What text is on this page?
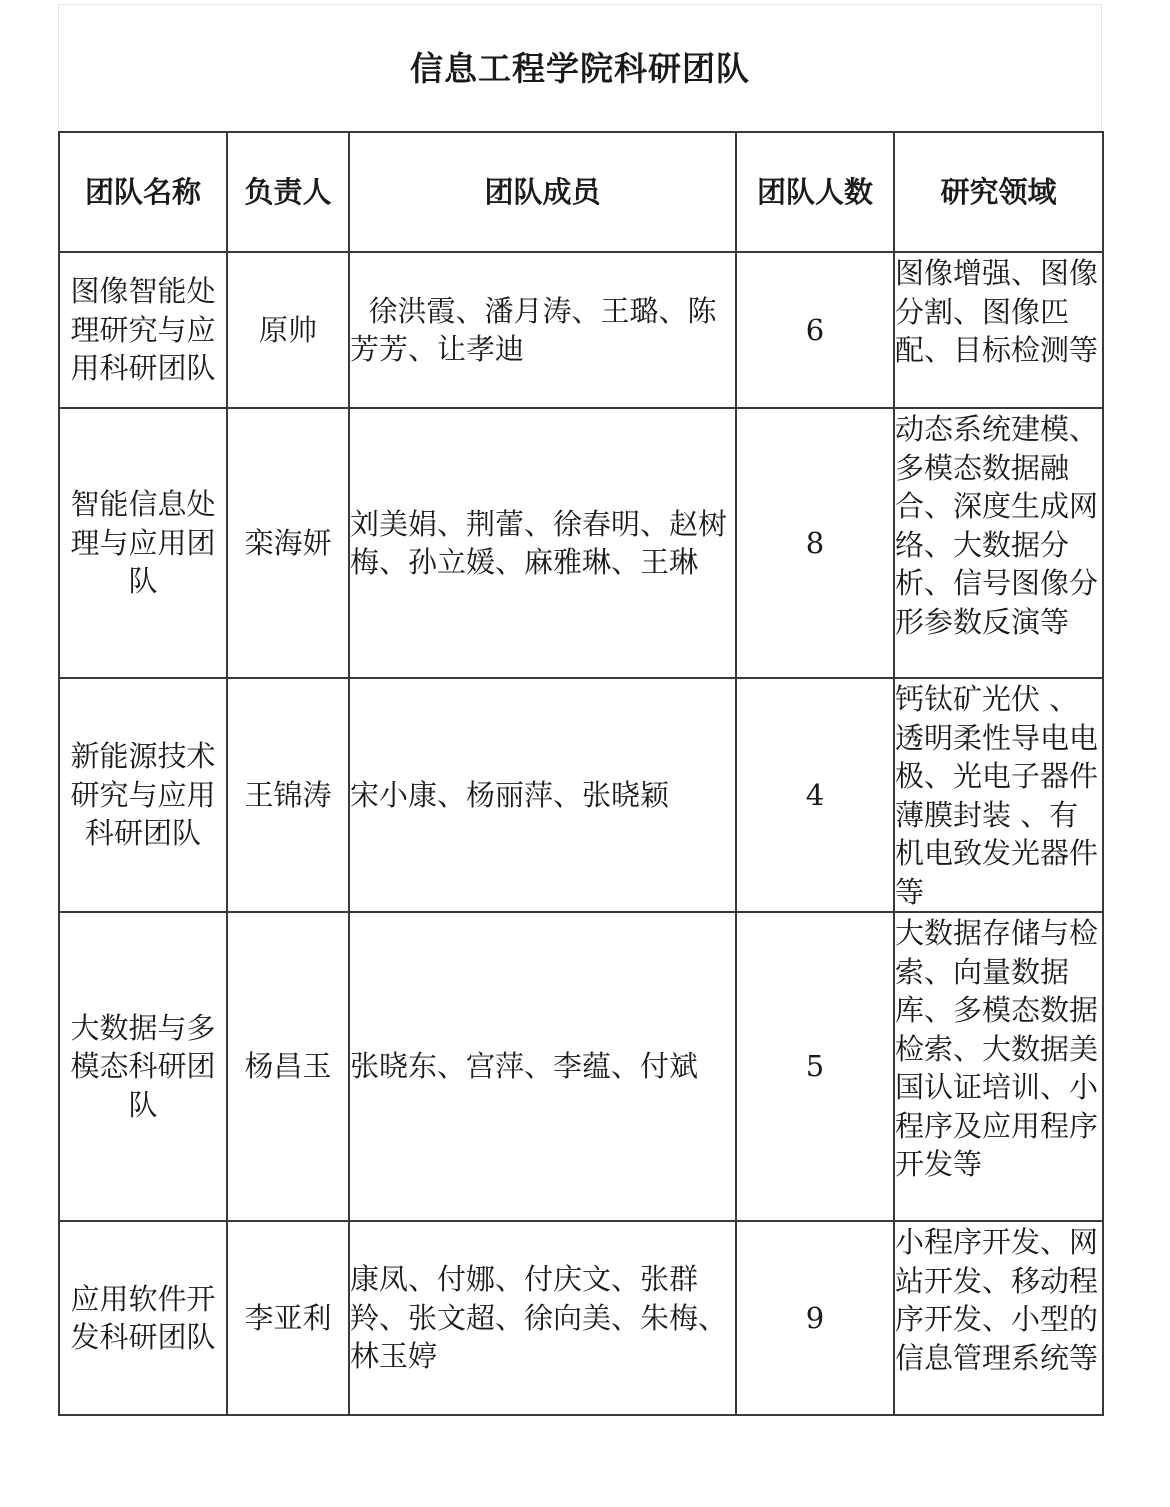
信息工程学院科研团队
团队名称	负责人	团队成员	团队人数	研究领域
图像智能处理研究与应用科研团队	原帅	徐洪霞、潘月涛、王璐、陈芳芳、让孝迪	6	图像增强、图像分割、图像匹配、目标检测等

智能信息处理与应用团队	栾海妍	刘美娟、荆蕾、徐春明、赵树梅、孙立媛、麻雅琳、王琳	8	动态系统建模、多模态数据融合、深度生成网络、大数据分析、信号图像分形参数反演等

新能源技术研究与应用科研团队	王锦涛	宋小康、杨丽萍、张晓颖	4	钙钛矿光伏 、透明柔性导电电极、光电子器件薄膜封装 、有机电致发光器件等

大数据与多模态科研团队	杨昌玉	张晓东、宫萍、李蕴、付斌	5	大数据存储与检索、向量数据库、多模态数据检索、大数据美国认证培训、小程序及应用程序开发等

应用软件开发科研团队	李亚利	康凤、付娜、付庆文、张群羚、张文超、徐向美、朱梅、林玉婷	9	小程序开发、网站开发、移动程序开发、小型的信息管理系统等
